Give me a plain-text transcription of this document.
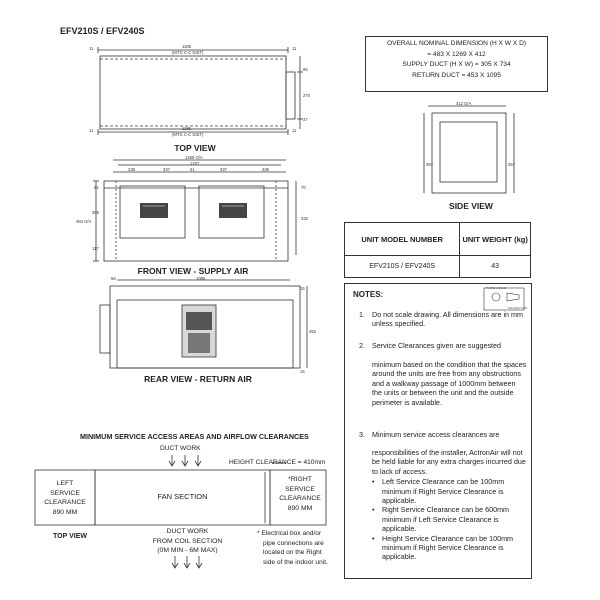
EFV210S / EFV240S
1185
(MTG C-C DIST)
11	11
1185
(MTG C-C DIST)
11	11
65
270
37
TOP VIEW
1269 O/A
1207
236	337	61	337	236
61
305
483 O/A
117
70
332
FRONT VIEW - SUPPLY AIR
1095
56
15
453
15
REAR VIEW - RETURN AIR
412 O/A
357	357
SIDE VIEW
OVERALL NOMINAL DIMENSION (H X W X D)
= 483 X 1269 X 412
SUPPLY DUCT (H X W) = 305 X 734
RETURN DUCT = 453 X 1095
UNIT MODEL NUMBER	UNIT WEIGHT (kg)
EFV210S / EFV240S	43
NOTES:
THIRD ANGLE
PROJECTION
1. Do not scale drawing. All dimensions are in mm unless specified.
2. Service Clearances given are suggested
minimum based on the condition that the spaces around the units are free from any obstructions and a walkway passage of 1000mm between the units or between the unit and the outside perimeter is available.
3. Minimum service access clearances are
responsibilities of the installer, ActronAir will not be held liable for any extra charges incurred due to lack of access.
• Left Service Clearance can be 100mm minimum if Right Service Clearance is applicable.
• Right Service Clearance can be 600mm minimum if Left Service Clearance is applicable.
• Height Service Clearance can be 100mm minimum if Right Service Clearance is applicable.
MINIMUM SERVICE ACCESS AREAS AND AIRFLOW CLEARANCES
DUCT WORK
HEIGHT CLEARANCE = 410mm
LEFT
SERVICE
CLEARANCE
890 MM
FAN SECTION
*RIGHT
SERVICE
CLEARANCE
890 MM
TOP VIEW
DUCT WORK
FROM COIL SECTION
(0M MIN - 6M MAX)
* Electrical box and/or
pipe connections are
located on the Right
side of the indoor unit.
